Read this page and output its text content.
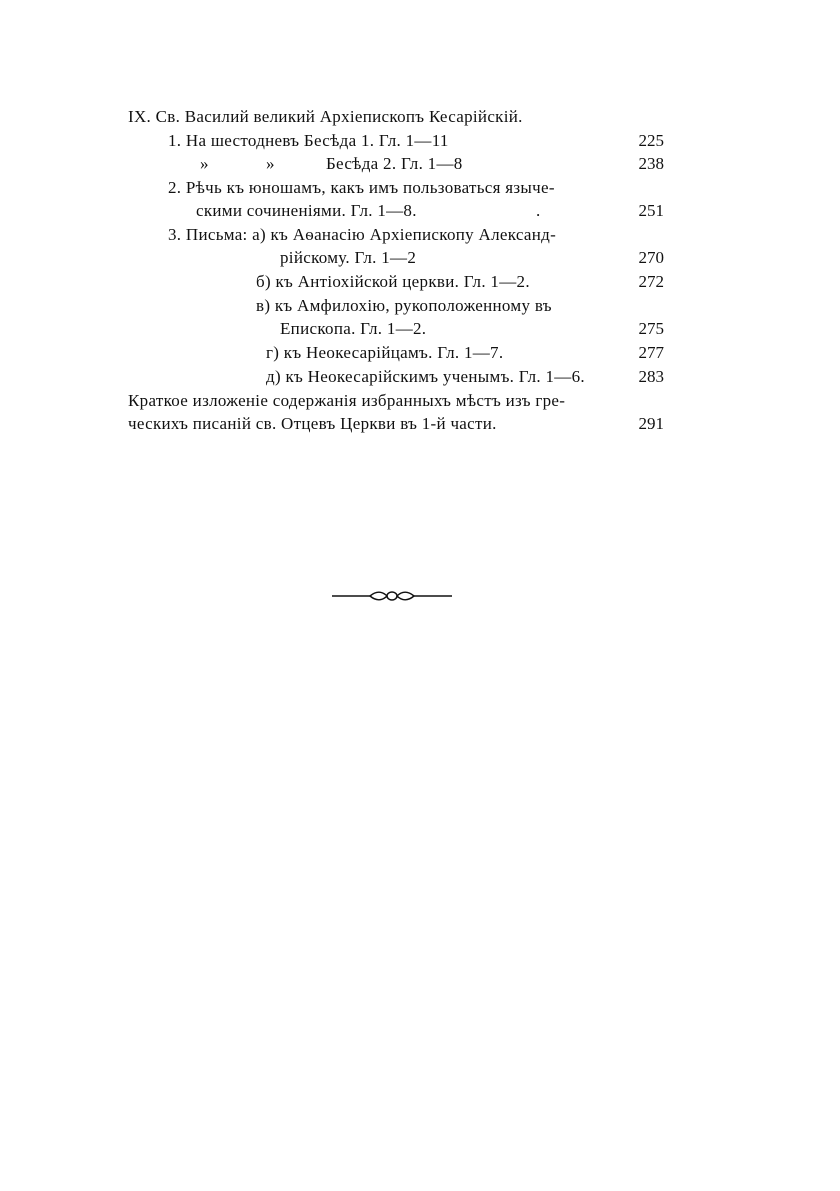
IX. Св. Василий великий Архіепископъ Кесарійскій.
1. На шестодневъ Бесѣда 1. Гл. 1—11	225
»	»	Бесѣда 2. Гл. 1—8	238
2. Рѣчь къ юношамъ, какъ имъ пользоваться языче-
скими сочиненіями. Гл. 1—8.	.	251
3. Письма: а) къ Аѳанасію Архіепископу Александ-
рійскому. Гл. 1—2	270
б) къ Антіохійской церкви. Гл. 1—2.	272
в) къ Амфилохію, рукоположенному въ
Епископа. Гл. 1—2.	275
г) къ Неокесарійцамъ. Гл. 1—7.	277
д) къ Неокесарійскимъ ученымъ. Гл. 1—6.	283
Краткое изложеніе содержанія избранныхъ мѣстъ изъ гре-
ческихъ писаній св. Отцевъ Церкви въ 1-й части.	291
